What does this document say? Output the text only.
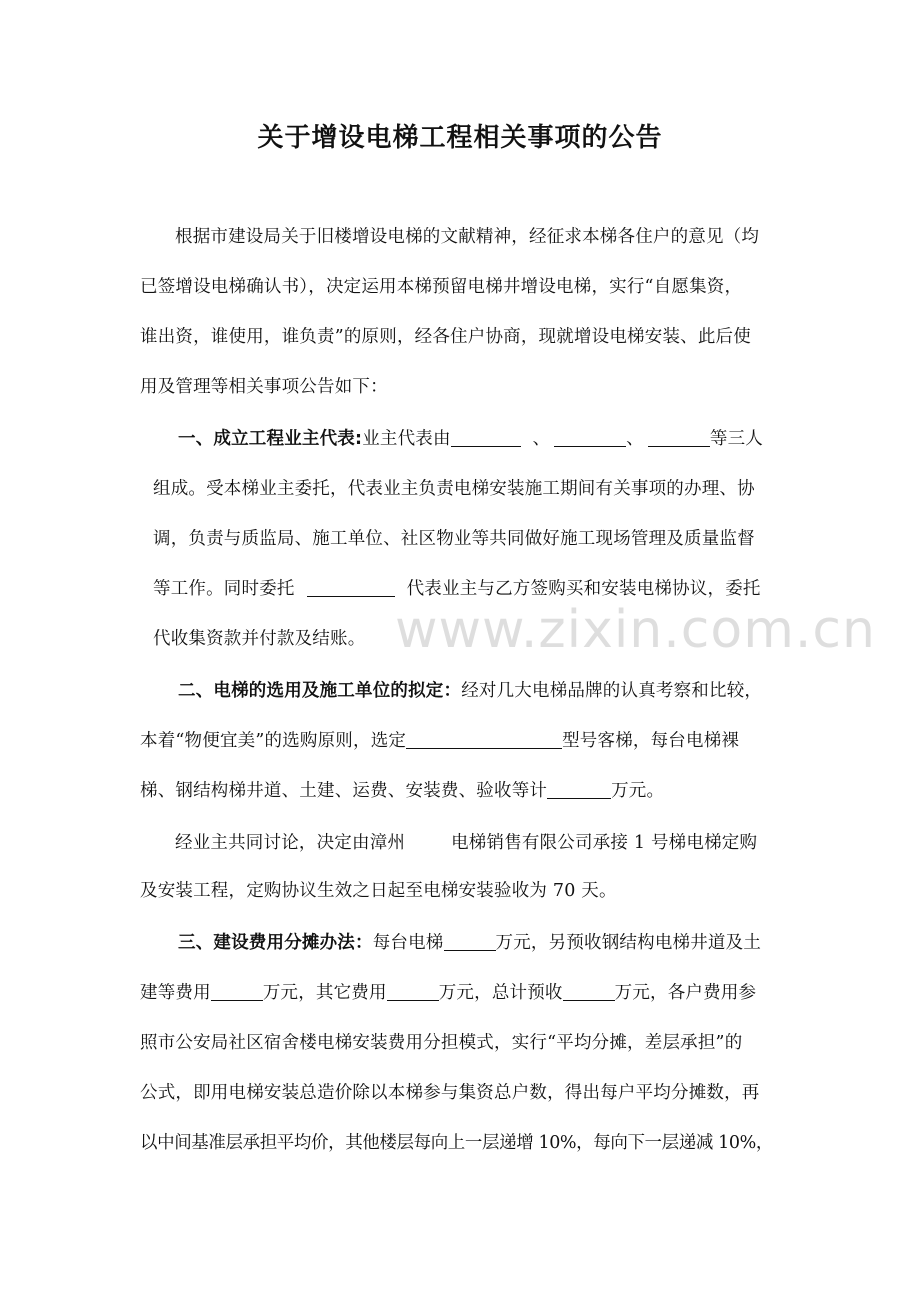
关于增设电梯工程相关事项的公告
www.zixin.com.cn
根据市建设局关于旧楼增设电梯的文献精神，经征求本梯各住户的意见（均
已签增设电梯确认书），决定运用本梯预留电梯井增设电梯，实行“自愿集资，
谁出资，谁使用，谁负责”的原则，经各住户协商，现就增设电梯安装、此后使
用及管理等相关事项公告如下：
一、成立工程业主代表:业主代表由	、	、	等三人
组成。受本梯业主委托，代表业主负责电梯安装施工期间有关事项的办理、协
调，负责与质监局、施工单位、社区物业等共同做好施工现场管理及质量监督
等工作。同时委托	代表业主与乙方签购买和安装电梯协议，委托
代收集资款并付款及结账。
二、电梯的选用及施工单位的拟定：经对几大电梯品牌的认真考察和比较，
本着“物便宜美”的选购原则，选定	型号客梯，每台电梯裸
梯、钢结构梯井道、土建、运费、安装费、验收等计	万元。
经业主共同讨论，决定由漳州	电梯销售有限公司承接 1 号梯电梯定购
及安装工程，定购协议生效之日起至电梯安装验收为 70 天。
三、建设费用分摊办法：每台电梯	万元，另预收钢结构电梯井道及土
建等费用	万元，其它费用	万元，总计预收	万元，各户费用参
照市公安局社区宿舍楼电梯安装费用分担模式，实行“平均分摊，差层承担”的
公式，即用电梯安装总造价除以本梯参与集资总户数，得出每户平均分摊数，再
以中间基准层承担平均价，其他楼层每向上一层递增 10%，每向下一层递减 10%，
